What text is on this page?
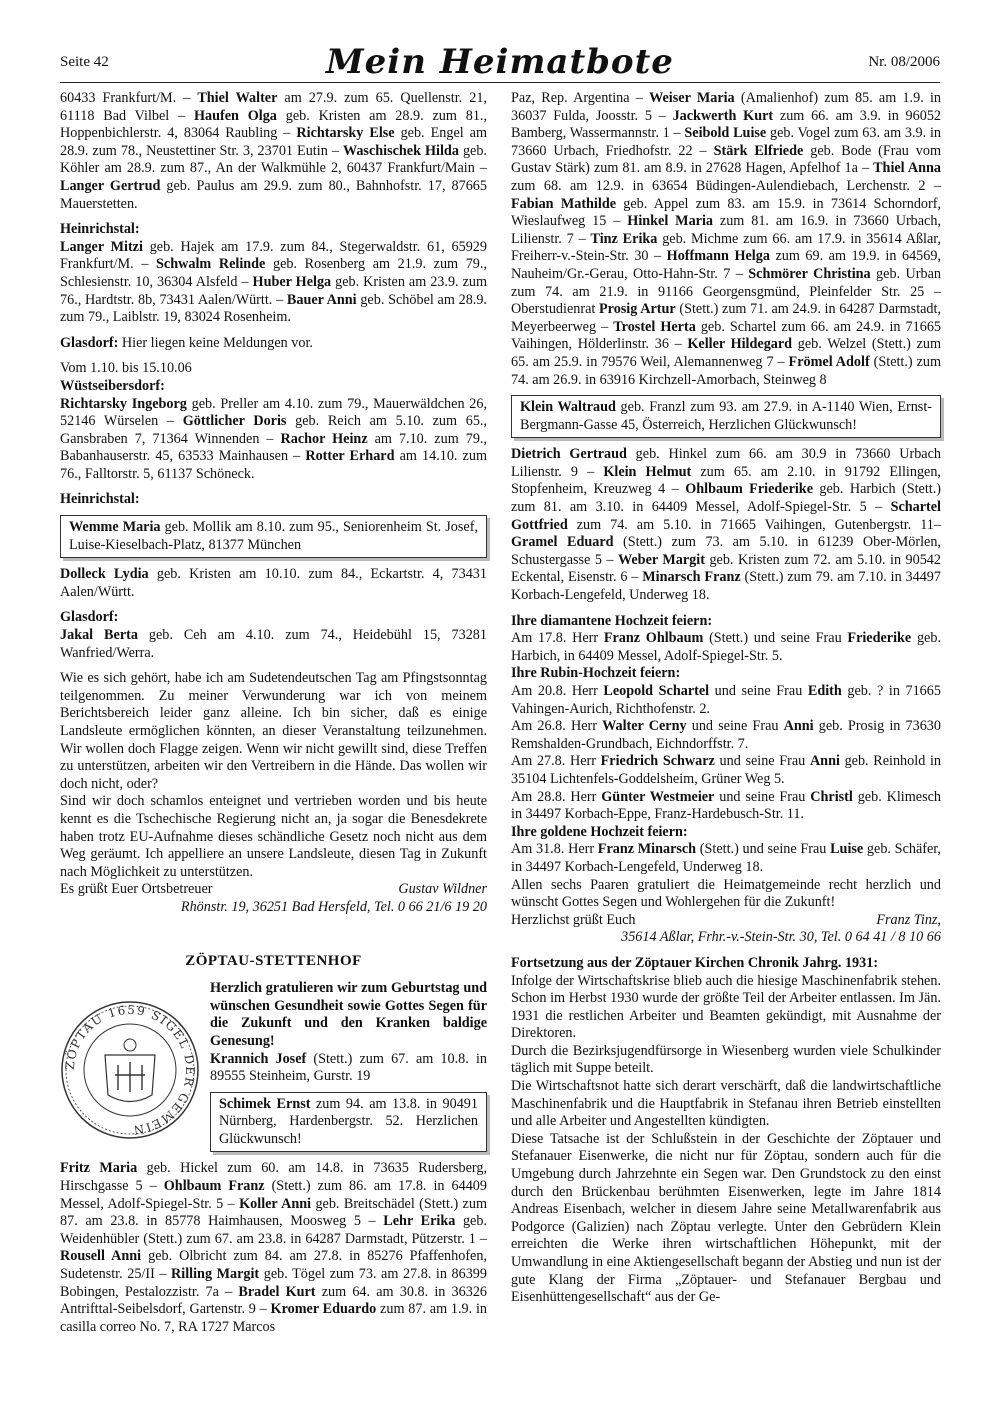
Seite 42	Mein Heimatbote	Nr. 08/2006

60433 Frankfurt/M. – Thiel Walter am 27.9. zum 65. Quellenstr. 21, 61118 Bad Vilbel – Haufen Olga geb. Kristen am 28.9. zum 81., Hoppenbichlerstr. 4, 83064 Raubling – Richtarsky Else geb. Engel am 28.9. zum 78., Neustettiner Str. 3, 23701 Eutin – Waschischek Hilda geb. Köhler am 28.9. zum 87., An der Walkmühle 2, 60437 Frankfurt/Main – Langer Gertrud geb. Paulus am 29.9. zum 80., Bahnhofstr. 17, 87665 Mauerstetten.

Heinrichstal:

Langer Mitzi geb. Hajek am 17.9. zum 84., Stegerwaldstr. 61, 65929 Frankfurt/M. – Schwalm Relinde geb. Rosenberg am 21.9. zum 79., Schlesienstr. 10, 36304 Alsfeld – Huber Helga geb. Kristen am 23.9. zum 76., Hardtstr. 8b, 73431 Aalen/Württ. – Bauer Anni geb. Schöbel am 28.9. zum 79., Laiblstr. 19, 83024 Rosenheim.

Glasdorf: Hier liegen keine Meldungen vor.

Vom 1.10. bis 15.10.06

Wüstseibersdorf:

Richtarsky Ingeborg geb. Preller am 4.10. zum 79., Mauerwäldchen 26, 52146 Würselen – Göttlicher Doris geb. Reich am 5.10. zum 65., Gansbraben 7, 71364 Winnenden – Rachor Heinz am 7.10. zum 79., Babanhauserstr. 45, 63533 Mainhausen – Rotter Erhard am 14.10. zum 76., Falltorstr. 5, 61137 Schöneck.

Heinrichstal:

Wemme Maria geb. Mollik am 8.10. zum 95., Seniorenheim St. Josef, Luise-Kieselbach-Platz, 81377 München

Dolleck Lydia geb. Kristen am 10.10. zum 84., Eckartstr. 4, 73431 Aalen/Württ.

Glasdorf:

Jakal Berta geb. Ceh am 4.10. zum 74., Heidebühl 15, 73281 Wanfried/Werra.

Wie es sich gehört, habe ich am Sudetendeutschen Tag am Pfingstsonntag teilgenommen. Zu meiner Verwunderung war ich von meinem Berichtsbereich leider ganz alleine. Ich bin sicher, daß es einige Landsleute ermöglichen könnten, an dieser Veranstaltung teilzunehmen. Wir wollen doch Flagge zeigen. Wenn wir nicht gewillt sind, diese Treffen zu unterstützen, arbeiten wir den Vertreibern in die Hände. Das wollen wir doch nicht, oder?

Sind wir doch schamlos enteignet und vertrieben worden und bis heute kennt es die Tschechische Regierung nicht an, ja sogar die Benesdekrete haben trotz EU-Aufnahme dieses schändliche Gesetz noch nicht aus dem Weg geräumt. Ich appelliere an unsere Landsleute, diesen Tag in Zukunft nach Möglichkeit zu unterstützen.

Es grüßt Euer Ortsbetreuer	Gustav Wildner

Rhönstr. 19, 36251 Bad Hersfeld, Tel. 0 66 21/6 19 20

ZÖPTAU-STETTENHOF

ZÖPTAU 1659 SIGEL DER GEMEIN

Herzlich gratulieren wir zum Geburtstag und wünschen Gesundheit sowie Gottes Segen für die Zukunft und den Kranken baldige Genesung!

Krannich Josef (Stett.) zum 67. am 10.8. in 89555 Steinheim, Gurstr. 19

Schimek Ernst zum 94. am 13.8. in 90491 Nürnberg, Hardenbergstr. 52. Herzlichen Glückwunsch!

Fritz Maria geb. Hickel zum 60. am 14.8. in 73635 Rudersberg, Hirschgasse 5 – Ohlbaum Franz (Stett.) zum 86. am 17.8. in 64409 Messel, Adolf-Spiegel-Str. 5 – Koller Anni geb. Breitschädel (Stett.) zum 87. am 23.8. in 85778 Haimhausen, Moosweg 5 – Lehr Erika geb. Weidenhübler (Stett.) zum 67. am 23.8. in 64287 Darmstadt, Pützerstr. 1 – Rousell Anni geb. Olbricht zum 84. am 27.8. in 85276 Pfaffenhofen, Sudetenstr. 25/II – Rilling Margit geb. Tögel zum 73. am 27.8. in 86399 Bobingen, Pestalozzistr. 7a – Bradel Kurt zum 64. am 30.8. in 36326 Antrifttal-Seibelsdorf, Gartenstr. 9 – Kromer Eduardo zum 87. am 1.9. in casilla correo No. 7, RA 1727 Marcos

Paz, Rep. Argentina – Weiser Maria (Amalienhof) zum 85. am 1.9. in 36037 Fulda, Joosstr. 5 – Jackwerth Kurt zum 66. am 3.9. in 96052 Bamberg, Wassermannstr. 1 – Seibold Luise geb. Vogel zum 63. am 3.9. in 73660 Urbach, Friedhofstr. 22 – Stärk Elfriede geb. Bode (Frau vom Gustav Stärk) zum 81. am 8.9. in 27628 Hagen, Apfelhof 1a – Thiel Anna zum 68. am 12.9. in 63654 Büdingen-Aulendiebach, Lerchenstr. 2 – Fabian Mathilde geb. Appel zum 83. am 15.9. in 73614 Schorndorf, Wieslaufweg 15 – Hinkel Maria zum 81. am 16.9. in 73660 Urbach, Lilienstr. 7 – Tinz Erika geb. Michme zum 66. am 17.9. in 35614 Aßlar, Freiherr-v.-Stein-Str. 30 – Hoffmann Helga zum 69. am 19.9. in 64569, Nauheim/Gr.-Gerau, Otto-Hahn-Str. 7 – Schmörer Christina geb. Urban zum 74. am 21.9. in 91166 Georgensgmünd, Pleinfelder Str. 25 – Oberstudienrat Prosig Artur (Stett.) zum 71. am 24.9. in 64287 Darmstadt, Meyerbeerweg – Trostel Herta geb. Schartel zum 66. am 24.9. in 71665 Vaihingen, Hölderlinstr. 36 – Keller Hildegard geb. Welzel (Stett.) zum 65. am 25.9. in 79576 Weil, Alemannenweg 7 – Frömel Adolf (Stett.) zum 74. am 26.9. in 63916 Kirchzell-Amorbach, Steinweg 8

Klein Waltraud geb. Franzl zum 93. am 27.9. in A-1140 Wien, Ernst-Bergmann-Gasse 45, Österreich, Herzlichen Glückwunsch!

Dietrich Gertraud geb. Hinkel zum 66. am 30.9 in 73660 Urbach Lilienstr. 9 – Klein Helmut zum 65. am 2.10. in 91792 Ellingen, Stopfenheim, Kreuzweg 4 – Ohlbaum Friederike geb. Harbich (Stett.) zum 81. am 3.10. in 64409 Messel, Adolf-Spiegel-Str. 5 – Schartel Gottfried zum 74. am 5.10. in 71665 Vaihingen, Gutenbergstr. 11– Gramel Eduard (Stett.) zum 73. am 5.10. in 61239 Ober-Mörlen, Schustergasse 5 – Weber Margit geb. Kristen zum 72. am 5.10. in 90542 Eckental, Eisenstr. 6 – Minarsch Franz (Stett.) zum 79. am 7.10. in 34497 Korbach-Lengefeld, Underweg 18.

Ihre diamantene Hochzeit feiern:

Am 17.8. Herr Franz Ohlbaum (Stett.) und seine Frau Friederike geb. Harbich, in 64409 Messel, Adolf-Spiegel-Str. 5.

Ihre Rubin-Hochzeit feiern:

Am 20.8. Herr Leopold Schartel und seine Frau Edith geb. ? in 71665 Vahingen-Aurich, Richthofenstr. 2.

Am 26.8. Herr Walter Cerny und seine Frau Anni geb. Prosig in 73630 Remshalden-Grundbach, Eichndorffstr. 7.

Am 27.8. Herr Friedrich Schwarz und seine Frau Anni geb. Reinhold in 35104 Lichtenfels-Goddelsheim, Grüner Weg 5.

Am 28.8. Herr Günter Westmeier und seine Frau Christl geb. Klimesch in 34497 Korbach-Eppe, Franz-Hardebusch-Str. 11.

Ihre goldene Hochzeit feiern:

Am 31.8. Herr Franz Minarsch (Stett.) und seine Frau Luise geb. Schäfer, in 34497 Korbach-Lengefeld, Underweg 18.

Allen sechs Paaren gratuliert die Heimatgemeinde recht herzlich und wünscht Gottes Segen und Wohlergehen für die Zukunft!

Herzlichst grüßt Euch	Franz Tinz,

35614 Aßlar, Frhr.-v.-Stein-Str. 30, Tel. 0 64 41 / 8 10 66

Fortsetzung aus der Zöptauer Kirchen Chronik Jahrg. 1931:

Infolge der Wirtschaftskrise blieb auch die hiesige Maschinenfabrik stehen. Schon im Herbst 1930 wurde der größte Teil der Arbeiter entlassen. Im Jän. 1931 die restlichen Arbeiter und Beamten gekündigt, mit Ausnahme der Direktoren.

Durch die Bezirksjugendfürsorge in Wiesenberg wurden viele Schulkinder täglich mit Suppe beteilt.

Die Wirtschaftsnot hatte sich derart verschärft, daß die landwirtschaftliche Maschinenfabrik und die Hauptfabrik in Stefanau ihren Betrieb einstellten und alle Arbeiter und Angestellten kündigten.

Diese Tatsache ist der Schlußstein in der Geschichte der Zöptauer und Stefanauer Eisenwerke, die nicht nur für Zöptau, sondern auch für die Umgebung durch Jahrzehnte ein Segen war. Den Grundstock zu den einst durch den Brückenbau berühmten Eisenwerken, legte im Jahre 1814 Andreas Eisenbach, welcher in diesem Jahre seine Metallwarenfabrik aus Podgorce (Galizien) nach Zöptau verlegte. Unter den Gebrüdern Klein erreichten die Werke ihren wirtschaftlichen Höhepunkt, mit der Umwandlung in eine Aktiengesellschaft begann der Abstieg und nun ist der gute Klang der Firma „Zöptauer- und Stefanauer Bergbau und Eisenhüttengesellschaft“ aus der Ge-
